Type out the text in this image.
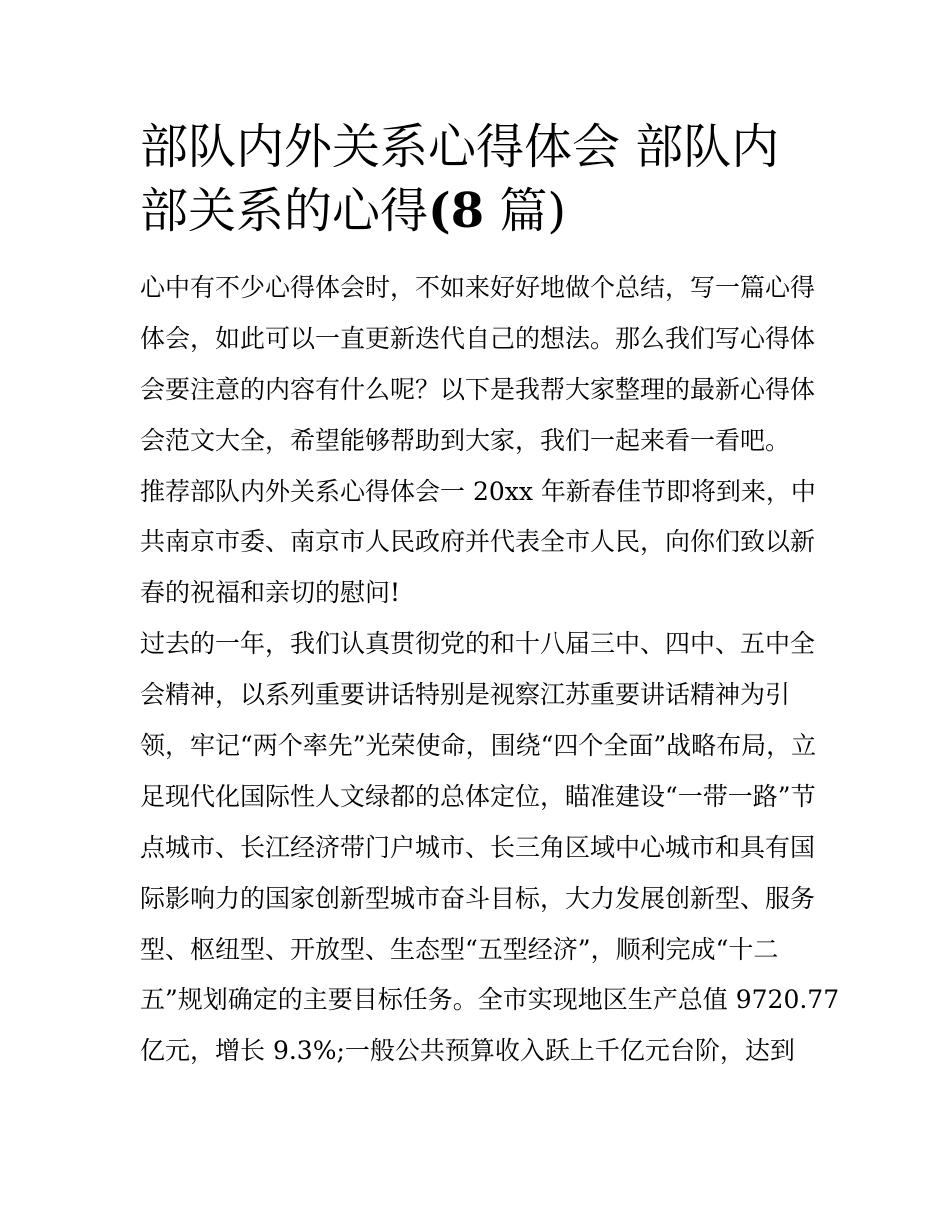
部队内外关系心得体会 部队内
部关系的心得(8 篇)
心中有不少心得体会时，不如来好好地做个总结，写一篇心得
体会，如此可以一直更新迭代自己的想法。那么我们写心得体
会要注意的内容有什么呢？以下是我帮大家整理的最新心得体
会范文大全，希望能够帮助到大家，我们一起来看一看吧。
推荐部队内外关系心得体会一 20xx 年新春佳节即将到来，中
共南京市委、南京市人民政府并代表全市人民，向你们致以新
春的祝福和亲切的慰问!
过去的一年，我们认真贯彻党的和十八届三中、四中、五中全
会精神，以系列重要讲话特别是视察江苏重要讲话精神为引
领，牢记“两个率先”光荣使命，围绕“四个全面”战略布局，立
足现代化国际性人文绿都的总体定位，瞄准建设“一带一路”节
点城市、长江经济带门户城市、长三角区域中心城市和具有国
际影响力的国家创新型城市奋斗目标，大力发展创新型、服务
型、枢纽型、开放型、生态型“五型经济”，顺利完成“十二
五”规划确定的主要目标任务。全市实现地区生产总值 9720.77
亿元，增长 9.3%;一般公共预算收入跃上千亿元台阶，达到
